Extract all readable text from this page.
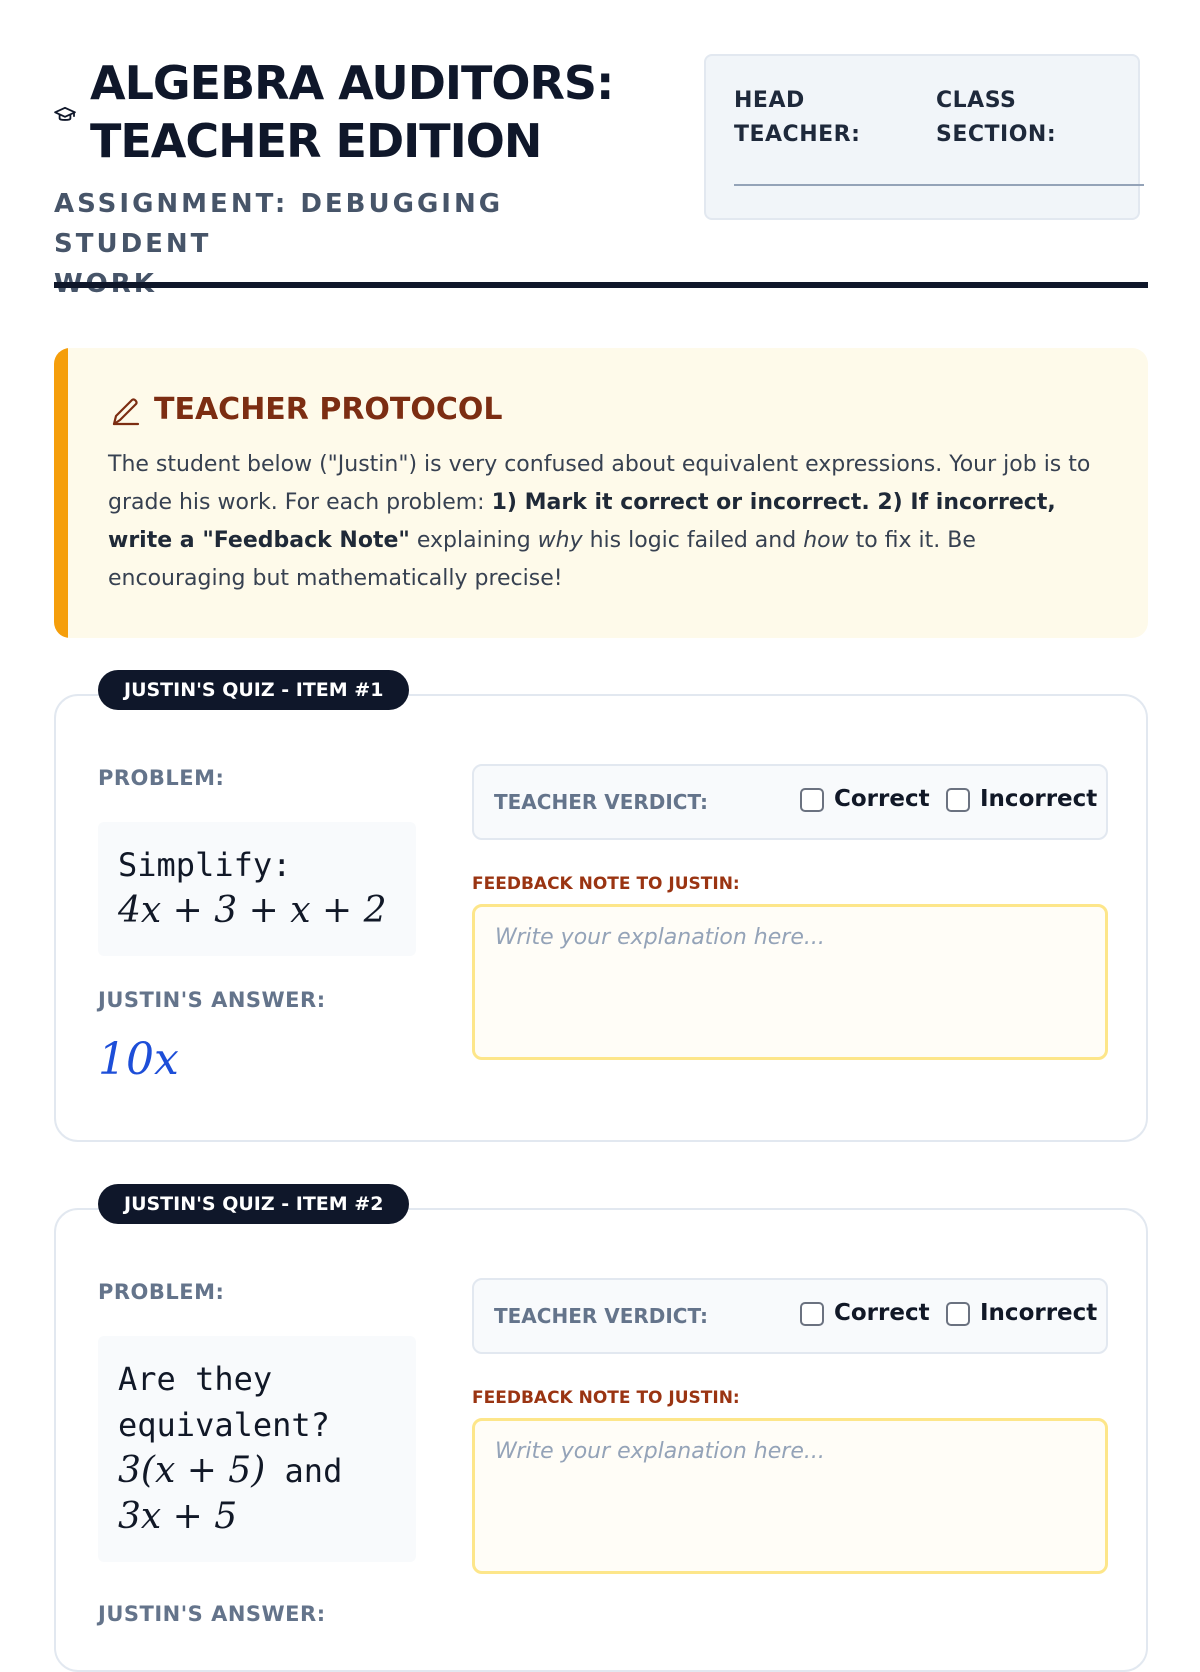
ALGEBRA AUDITORS:
TEACHER EDITION
ASSIGNMENT: DEBUGGING STUDENT
HEAD
TEACHER:
CLASS
SECTION:
TEACHER PROTOCOL
The student below ("Justin") is very confused about equivalent expressions. Your job is to grade his work. For each problem: 1) Mark it correct or incorrect. 2) If incorrect, write a "Feedback Note" explaining why his logic failed and how to fix it. Be encouraging but mathematically precise!
JUSTIN'S QUIZ - ITEM #1
PROBLEM:
Simplify:
4x + 3 + x + 2
JUSTIN'S ANSWER:
10x
TEACHER VERDICT:	Correct Incorrect
FEEDBACK NOTE TO JUSTIN:
Write your explanation here...
JUSTIN'S QUIZ - ITEM #2
PROBLEM:
Are they
equivalent?
3(x + 5) and
3x + 5
JUSTIN'S ANSWER:
TEACHER VERDICT:	Correct Incorrect
FEEDBACK NOTE TO JUSTIN:
Write your explanation here...
